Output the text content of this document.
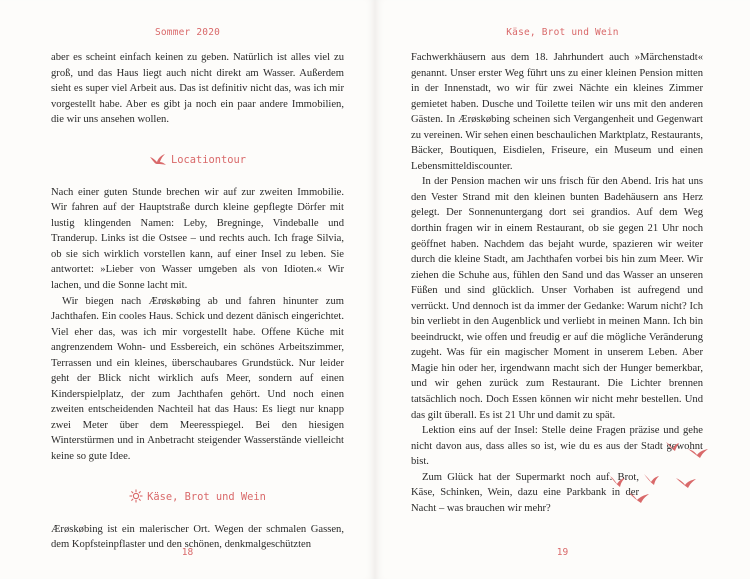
Sommer 2020

aber es scheint einfach keinen zu geben. Natürlich ist alles viel zu groß, und das Haus liegt auch nicht direkt am Wasser. Außerdem sieht es super viel Arbeit aus. Das ist definitiv nicht das, was ich mir vorgestellt habe. Aber es gibt ja noch ein paar andere Immobilien, die wir uns ansehen wollen.

Locationtour

Nach einer guten Stunde brechen wir auf zur zweiten Immobilie. Wir fahren auf der Hauptstraße durch kleine gepflegte Dörfer mit lustig klingenden Namen: Leby, Bregninge, Vindeballe und Tranderup. Links ist die Ostsee – und rechts auch. Ich frage Silvia, ob sie sich wirklich vorstellen kann, auf einer Insel zu leben. Sie antwortet: »Lieber von Wasser umgeben als von Idioten.« Wir lachen, und die Sonne lacht mit.

Wir biegen nach Ærøskøbing ab und fahren hinunter zum Jachthafen. Ein cooles Haus. Schick und dezent dänisch eingerichtet. Viel eher das, was ich mir vorgestellt habe. Offene Küche mit angrenzendem Wohn- und Essbereich, ein schönes Arbeitszimmer, Terrassen und ein kleines, überschaubares Grundstück. Nur leider geht der Blick nicht wirklich aufs Meer, sondern auf einen Kinderspielplatz, der zum Jachthafen gehört. Und noch einen zweiten entscheidenden Nachteil hat das Haus: Es liegt nur knapp zwei Meter über dem Meeresspiegel. Bei den hiesigen Winterstürmen und in Anbetracht steigender Wasserstände vielleicht keine so gute Idee.

Käse, Brot und Wein

Ærøskøbing ist ein malerischer Ort. Wegen der schmalen Gassen, dem Kopfsteinpflaster und den schönen, denkmalgeschützten

18
Käse, Brot und Wein

Fachwerkhäusern aus dem 18. Jahrhundert auch »Märchenstadt« genannt. Unser erster Weg führt uns zu einer kleinen Pension mitten in der Innenstadt, wo wir für zwei Nächte ein kleines Zimmer gemietet haben. Dusche und Toilette teilen wir uns mit den anderen Gästen. In Ærøskøbing scheinen sich Vergangenheit und Gegenwart zu vereinen. Wir sehen einen beschaulichen Marktplatz, Restaurants, Bäcker, Boutiquen, Eisdielen, Friseure, ein Museum und einen Lebensmitteldiscounter.

In der Pension machen wir uns frisch für den Abend. Iris hat uns den Vester Strand mit den kleinen bunten Badehäusern ans Herz gelegt. Der Sonnenuntergang dort sei grandios. Auf dem Weg dorthin fragen wir in einem Restaurant, ob sie gegen 21 Uhr noch geöffnet haben. Nachdem das bejaht wurde, spazieren wir weiter durch die kleine Stadt, am Jachthafen vorbei bis hin zum Meer. Wir ziehen die Schuhe aus, fühlen den Sand und das Wasser an unseren Füßen und sind glücklich. Unser Vorhaben ist aufregend und verrückt. Und dennoch ist da immer der Gedanke: Warum nicht? Ich bin verliebt in den Augenblick und verliebt in meinen Mann. Ich bin beeindruckt, wie offen und freudig er auf die mögliche Veränderung zugeht. Was für ein magischer Moment in unserem Leben. Aber Magie hin oder her, irgendwann macht sich der Hunger bemerkbar, und wir gehen zurück zum Restaurant. Die Lichter brennen tatsächlich noch. Doch Essen können wir nicht mehr bestellen. Und das gilt überall. Es ist 21 Uhr und damit zu spät.

Lektion eins auf der Insel: Stelle deine Fragen präzise und gehe nicht davon aus, dass alles so ist, wie du es aus der Stadt gewohnt bist.

Zum Glück hat der Supermarkt noch auf. Brot, Käse, Schinken, Wein, dazu eine Parkbank in der Nacht – was brauchen wir mehr?

19
